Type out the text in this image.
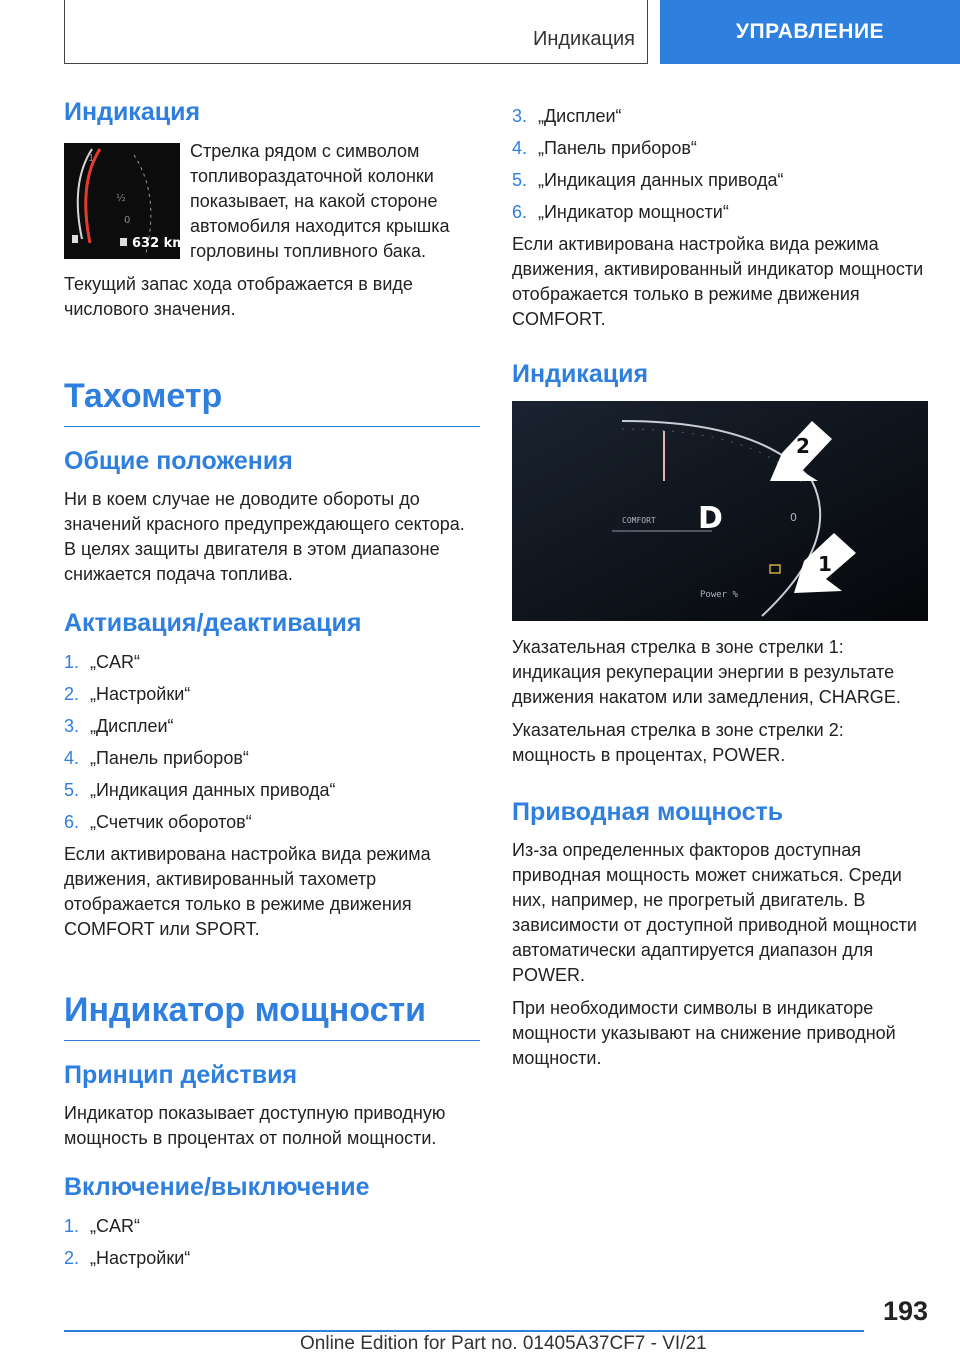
Индикация	УПРАВЛЕНИЕ
Индикация
1
½
0
632 km

Стрелка рядом с символом топливораздаточной колонки показывает, на какой стороне автомобиля находится крышка горловины топливного бака.

Текущий запас хода отображается в виде числового значения.

Тахометр
Общие положения

Ни в коем случае не доводите обороты до значений красного предупреждающего сектора. В целях защиты двигателя в этом диапазоне снижается подача топлива.

Активация/деактивация
1. „CAR“
2. „Настройки“
3. „Дисплеи“
4. „Панель приборов“
5. „Индикация данных привода“
6. „Счетчик оборотов“

Если активирована настройка вида режима движения, активированный тахометр отображается только в режиме движения COMFORT или SPORT.

Индикатор мощности
Принцип действия

Индикатор показывает доступную приводную мощность в процентах от полной мощности.

Включение/выключение
1. „CAR“
2. „Настройки“
3. „Дисплеи“
4. „Панель приборов“
5. „Индикация данных привода“
6. „Индикатор мощности“

Если активирована настройка вида режима движения, активированный индикатор мощности отображается только в режиме движения COMFORT.

Индикация
D
COMFORT
Power %
0
2
1

Указательная стрелка в зоне стрелки 1: индикация рекуперации энергии в результате движения накатом или замедления, CHARGE.

Указательная стрелка в зоне стрелки 2: мощность в процентах, POWER.

Приводная мощность

Из-за определенных факторов доступная приводная мощность может снижаться. Среди них, например, не прогретый двигатель. В зависимости от доступной приводной мощности автоматически адаптируется диапазон для POWER.

При необходимости символы в индикаторе мощности указывают на снижение приводной мощности.

193
Online Edition for Part no. 01405A37CF7 - VI/21
